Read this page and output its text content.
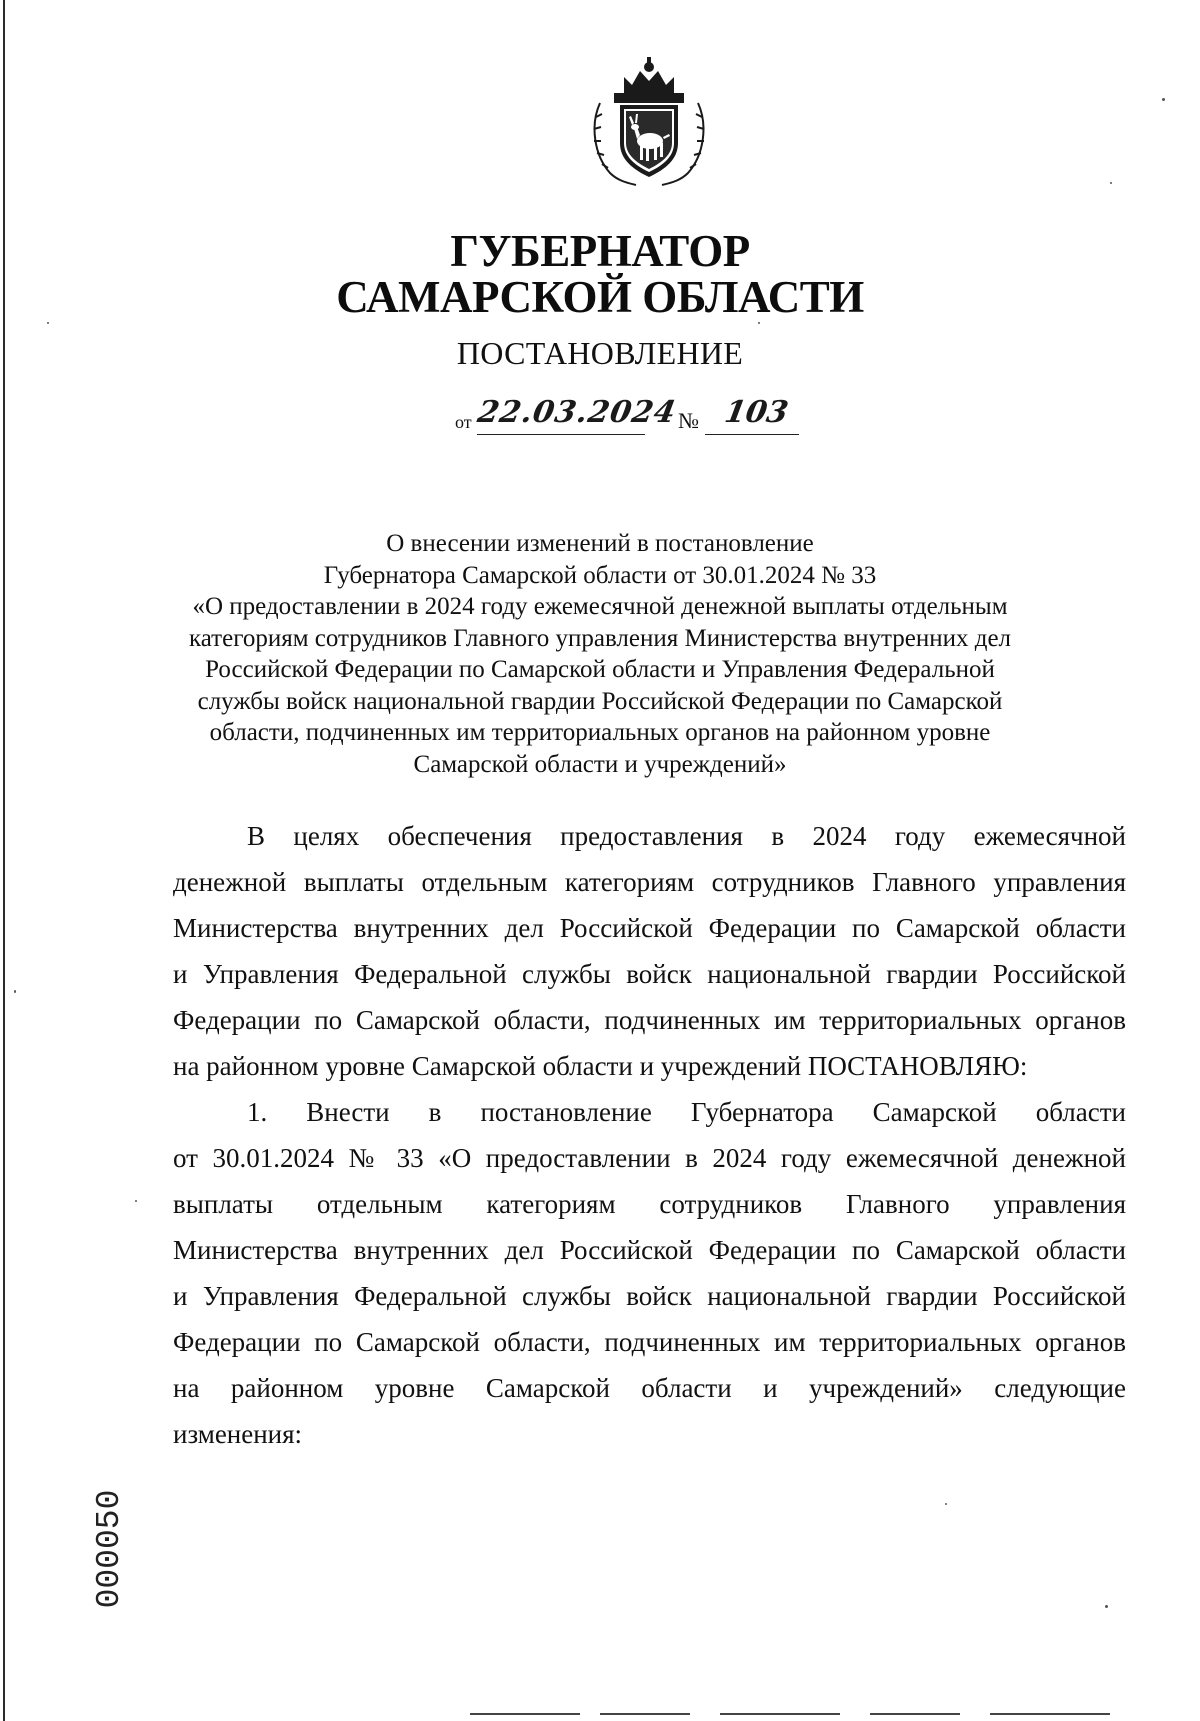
ГУБЕРНАТОР
САМАРСКОЙ ОБЛАСТИ
ПОСТАНОВЛЕНИЕ
от 22.03.2024 № 103
О внесении изменений в постановление
Губернатора Самарской области от 30.01.2024 № 33
«О предоставлении в 2024 году ежемесячной денежной выплаты отдельным
категориям сотрудников Главного управления Министерства внутренних дел
Российской Федерации по Самарской области и Управления Федеральной
службы войск национальной гвардии Российской Федерации по Самарской
области, подчиненных им территориальных органов на районном уровне
Самарской области и учреждений»
В целях обеспечения предоставления в 2024 году ежемесячной
денежной выплаты отдельным категориям сотрудников Главного управления
Министерства внутренних дел Российской Федерации по Самарской области
и Управления Федеральной службы войск национальной гвардии Российской
Федерации по Самарской области, подчиненных им территориальных органов
на районном уровне Самарской области и учреждений ПОСТАНОВЛЯЮ:
1. Внести в постановление Губернатора Самарской области
от 30.01.2024 № 33 «О предоставлении в 2024 году ежемесячной денежной
выплаты отдельным категориям сотрудников Главного управления
Министерства внутренних дел Российской Федерации по Самарской области
и Управления Федеральной службы войск национальной гвардии Российской
Федерации по Самарской области, подчиненных им территориальных органов
на районном уровне Самарской области и учреждений» следующие
изменения:
000050
